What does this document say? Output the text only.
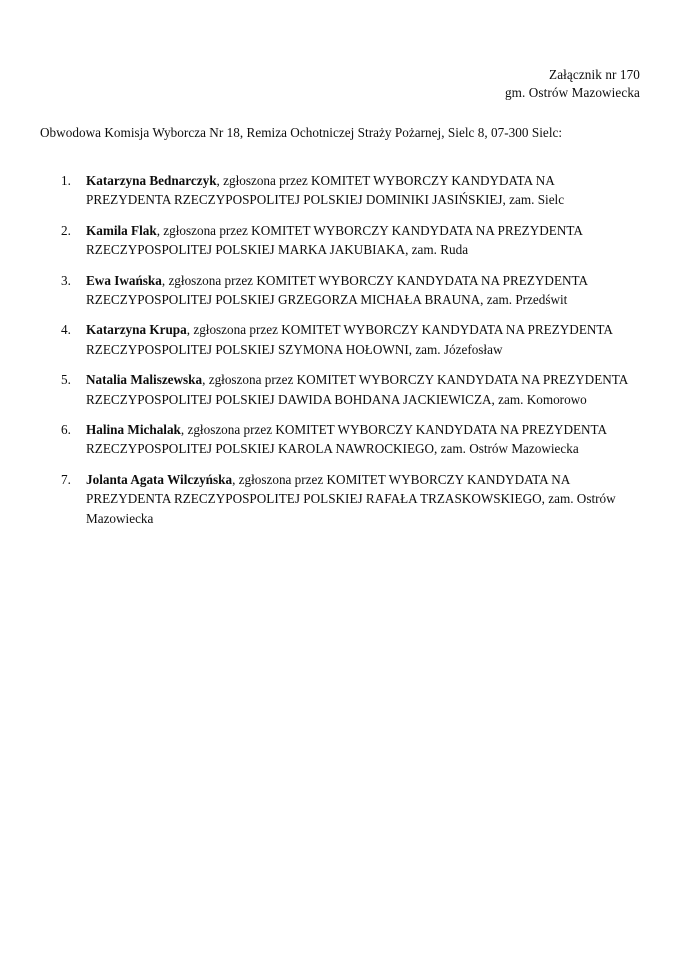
Załącznik nr 170
gm. Ostrów Mazowiecka
Obwodowa Komisja Wyborcza Nr 18, Remiza Ochotniczej Straży Pożarnej, Sielc 8, 07-300 Sielc:
1.	Katarzyna Bednarczyk, zgłoszona przez KOMITET WYBORCZY KANDYDATA NA PREZYDENTA RZECZYPOSPOLITEJ POLSKIEJ DOMINIKI JASIŃSKIEJ, zam. Sielc
2.	Kamila Flak, zgłoszona przez KOMITET WYBORCZY KANDYDATA NA PREZYDENTA RZECZYPOSPOLITEJ POLSKIEJ MARKA JAKUBIAKA, zam. Ruda
3.	Ewa Iwańska, zgłoszona przez KOMITET WYBORCZY KANDYDATA NA PREZYDENTA RZECZYPOSPOLITEJ POLSKIEJ GRZEGORZA MICHAŁA BRAUNA, zam. Przedświt
4.	Katarzyna Krupa, zgłoszona przez KOMITET WYBORCZY KANDYDATA NA PREZYDENTA RZECZYPOSPOLITEJ POLSKIEJ SZYMONA HOŁOWNI, zam. Józefosław
5.	Natalia Maliszewska, zgłoszona przez KOMITET WYBORCZY KANDYDATA NA PREZYDENTA RZECZYPOSPOLITEJ POLSKIEJ DAWIDA BOHDANA JACKIEWICZA, zam. Komorowo
6.	Halina Michalak, zgłoszona przez KOMITET WYBORCZY KANDYDATA NA PREZYDENTA RZECZYPOSPOLITEJ POLSKIEJ KAROLA NAWROCKIEGO, zam. Ostrów Mazowiecka
7.	Jolanta Agata Wilczyńska, zgłoszona przez KOMITET WYBORCZY KANDYDATA NA PREZYDENTA RZECZYPOSPOLITEJ POLSKIEJ RAFAŁA TRZASKOWSKIEGO, zam. Ostrów Mazowiecka
